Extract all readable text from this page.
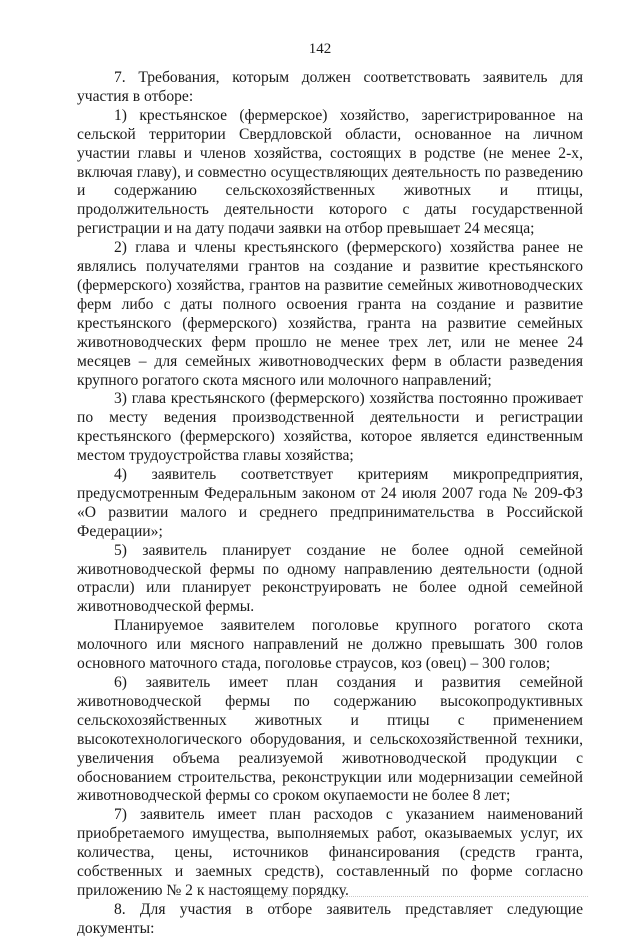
142

7. Требования, которым должен соответствовать заявитель для участия в отборе:

1) крестьянское (фермерское) хозяйство, зарегистрированное на сельской территории Свердловской области, основанное на личном участии главы и членов хозяйства, состоящих в родстве (не менее 2-х, включая главу), и совместно осуществляющих деятельность по разведению и содержанию сельскохозяйственных животных и птицы, продолжительность деятельности которого с даты государственной регистрации и на дату подачи заявки на отбор превышает 24 месяца;

2) глава и члены крестьянского (фермерского) хозяйства ранее не являлись получателями грантов на создание и развитие крестьянского (фермерского) хозяйства, грантов на развитие семейных животноводческих ферм либо с даты полного освоения гранта на создание и развитие крестьянского (фермерского) хозяйства, гранта на развитие семейных животноводческих ферм прошло не менее трех лет, или не менее 24 месяцев – для семейных животноводческих ферм в области разведения крупного рогатого скота мясного или молочного направлений;

3) глава крестьянского (фермерского) хозяйства постоянно проживает по месту ведения производственной деятельности и регистрации крестьянского (фермерского) хозяйства, которое является единственным местом трудоустройства главы хозяйства;

4) заявитель соответствует критериям микропредприятия, предусмотренным Федеральным законом от 24 июля 2007 года № 209-ФЗ «О развитии малого и среднего предпринимательства в Российской Федерации»;

5) заявитель планирует создание не более одной семейной животноводческой фермы по одному направлению деятельности (одной отрасли) или планирует реконструировать не более одной семейной животноводческой фермы.

Планируемое заявителем поголовье крупного рогатого скота молочного или мясного направлений не должно превышать 300 голов основного маточного стада, поголовье страусов, коз (овец) – 300 голов;

6) заявитель имеет план создания и развития семейной животноводческой фермы по содержанию высокопродуктивных сельскохозяйственных животных и птицы с применением высокотехнологического оборудования, и сельскохозяйственной техники, увеличения объема реализуемой животноводческой продукции с обоснованием строительства, реконструкции или модернизации семейной животноводческой фермы со сроком окупаемости не более 8 лет;

7) заявитель имеет план расходов с указанием наименований приобретаемого имущества, выполняемых работ, оказываемых услуг, их количества, цены, источников финансирования (средств гранта, собственных и заемных средств), составленный по форме согласно приложению № 2 к настоящему порядку.

8. Для участия в отборе заявитель представляет следующие документы:
